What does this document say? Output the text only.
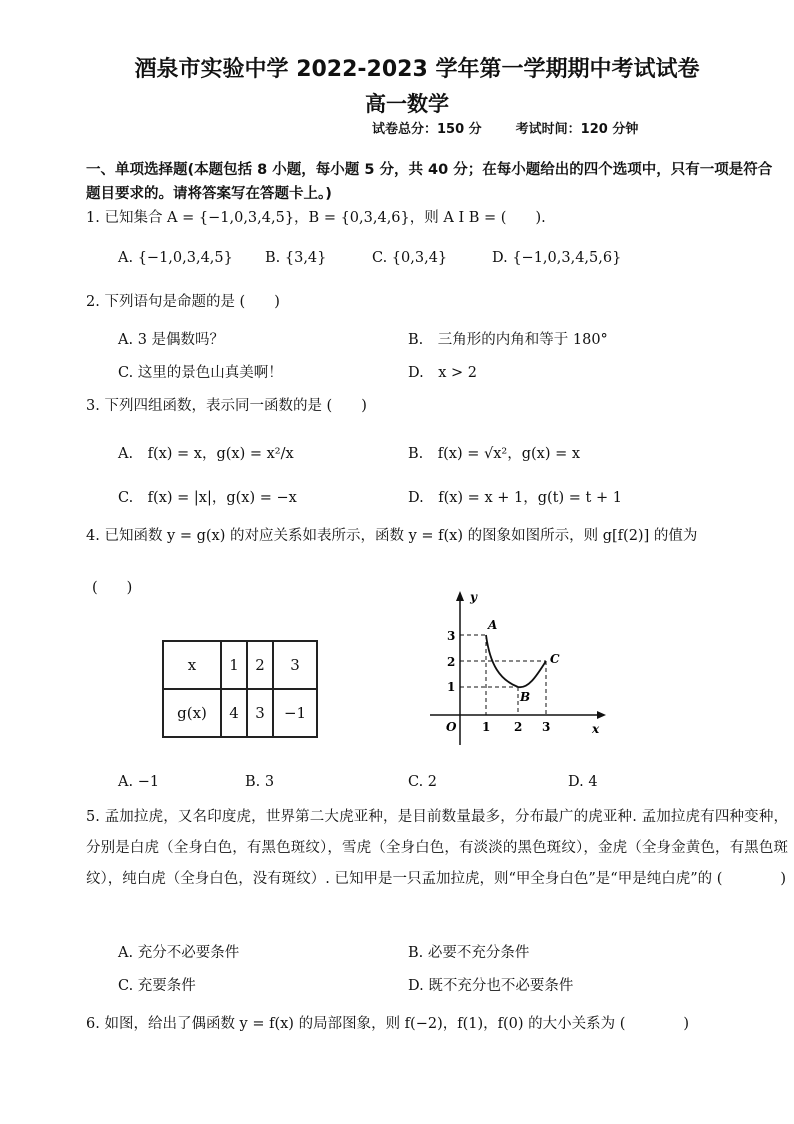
酒泉市实验中学 2022-2023 学年第一学期期中考试试卷
高一数学
试卷总分：150 分	考试时间：120 分钟
一、单项选择题(本题包括 8 小题，每小题 5 分，共 40 分；在每小题给出的四个选项中，只有一项是符合题目要求的。请将答案写在答题卡上。)
1. 已知集合 A = {−1,0,3,4,5}，B = {0,3,4,6}，则 A I B = (　　).
A. {−1,0,3,4,5} B. {3,4}	C. {0,3,4}	D. {−1,0,3,4,5,6}
2. 下列语句是命题的是 (　　)
A. 3 是偶数吗？	B.　三角形的内角和等于 180°
C. 这里的景色山真美啊！	D.　x > 2
3. 下列四组函数，表示同一函数的是 (　　)
A.　f(x) = x，g(x) = x²/x	B.　f(x) = √x²，g(x) = x
C.　f(x) = |x|，g(x) = −x	D.　f(x) = x + 1，g(t) = t + 1
4. 已知函数 y = g(x) 的对应关系如表所示，函数 y = f(x) 的图象如图所示，则 g[f(2)] 的值为
(　　)
x	1	2	3
g(x)	4	3	−1
y
x
O
3
2
1
1 2 3
A
B
C
A. −1	B. 3	C. 2	D. 4
5. 孟加拉虎，又名印度虎，世界第二大虎亚种，是目前数量最多，分布最广的虎亚种. 孟加拉虎有四种变种，分别是白虎（全身白色，有黑色斑纹），雪虎（全身白色，有淡淡的黑色斑纹），金虎（全身金黄色，有黑色斑纹），纯白虎（全身白色，没有斑纹）. 已知甲是一只孟加拉虎，则“甲全身白色”是“甲是纯白虎”的 (　　　　)
A. 充分不必要条件	B. 必要不充分条件
C. 充要条件	D. 既不充分也不必要条件
6. 如图，给出了偶函数 y = f(x) 的局部图象，则 f(−2)，f(1)，f(0) 的大小关系为 (　　　　)
